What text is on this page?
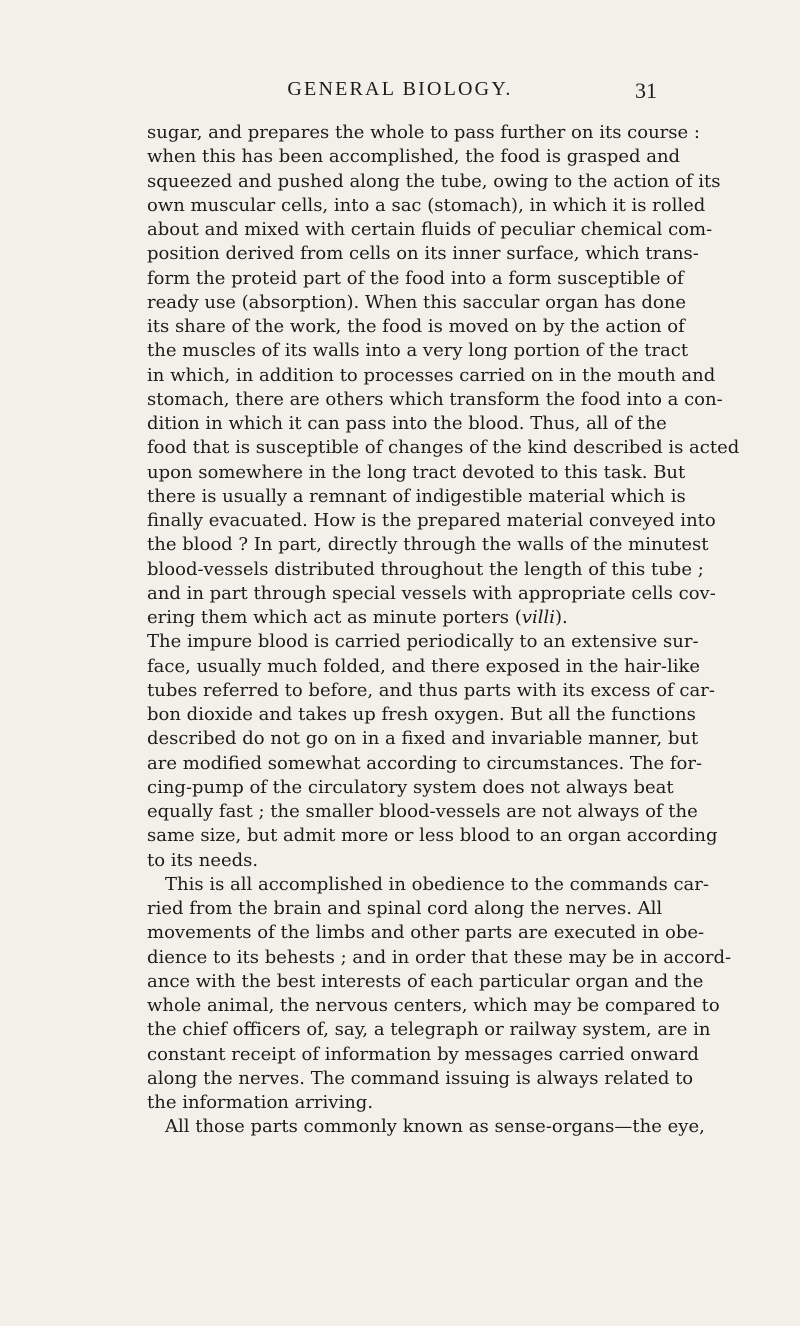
GENERAL BIOLOGY.	31
sugar, and prepares the whole to pass further on its course :
when this has been accomplished, the food is grasped and
squeezed and pushed along the tube, owing to the action of its
own muscular cells, into a sac (stomach), in which it is rolled
about and mixed with certain fluids of peculiar chemical com-
position derived from cells on its inner surface, which trans-
form the proteid part of the food into a form susceptible of
ready use (absorption). When this saccular organ has done
its share of the work, the food is moved on by the action of
the muscles of its walls into a very long portion of the tract
in which, in addition to processes carried on in the mouth and
stomach, there are others which transform the food into a con-
dition in which it can pass into the blood. Thus, all of the
food that is susceptible of changes of the kind described is acted
upon somewhere in the long tract devoted to this task. But
there is usually a remnant of indigestible material which is
finally evacuated. How is the prepared material conveyed into
the blood ? In part, directly through the walls of the minutest
blood-vessels distributed throughout the length of this tube ;
and in part through special vessels with appropriate cells cov-
ering them which act as minute porters (villi).
The impure blood is carried periodically to an extensive sur-
face, usually much folded, and there exposed in the hair-like
tubes referred to before, and thus parts with its excess of car-
bon dioxide and takes up fresh oxygen. But all the functions
described do not go on in a fixed and invariable manner, but
are modified somewhat according to circumstances. The for-
cing-pump of the circulatory system does not always beat
equally fast ; the smaller blood-vessels are not always of the
same size, but admit more or less blood to an organ according
to its needs.
This is all accomplished in obedience to the commands car-
ried from the brain and spinal cord along the nerves. All
movements of the limbs and other parts are executed in obe-
dience to its behests ; and in order that these may be in accord-
ance with the best interests of each particular organ and the
whole animal, the nervous centers, which may be compared to
the chief officers of, say, a telegraph or railway system, are in
constant receipt of information by messages carried onward
along the nerves. The command issuing is always related to
the information arriving.
All those parts commonly known as sense-organs—the eye,
